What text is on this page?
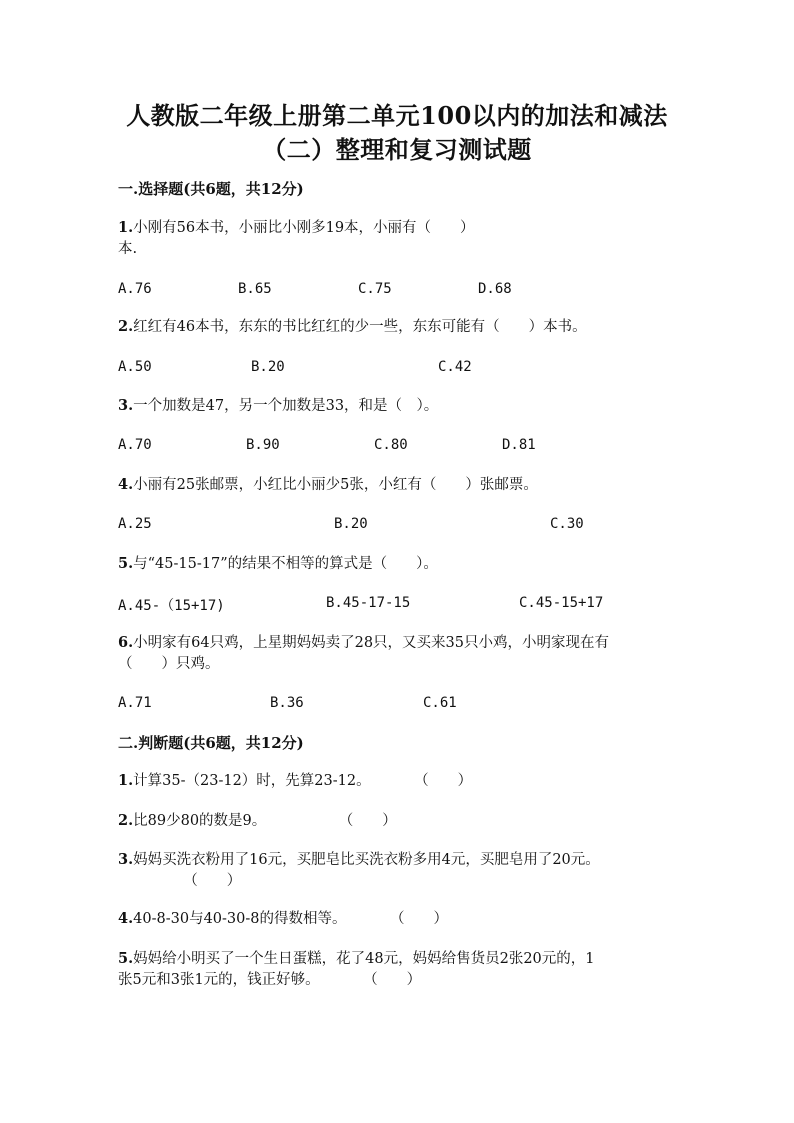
人教版二年级上册第二单元100以内的加法和减法
（二）整理和复习测试题
一.选择题(共6题，共12分)
1.小刚有56本书，小丽比小刚多19本，小丽有（　　）
本.
A.76	B.65	C.75	D.68
2.红红有46本书，东东的书比红红的少一些，东东可能有（　　）本书。
A.50	B.20	C.42
3.一个加数是47，另一个加数是33，和是（　）。
A.70	B.90	C.80	D.81
4.小丽有25张邮票，小红比小丽少5张，小红有（　　）张邮票。
A.25	B.20	C.30
5.与“45-15-17”的结果不相等的算式是（　　）。
A.45-（15+17)	B.45-17-15	C.45-15+17
6.小明家有64只鸡，上星期妈妈卖了28只，又买来35只小鸡，小明家现在有
（　　）只鸡。
A.71	B.36	C.61
二.判断题(共6题，共12分)
1.计算35-（23-12）时，先算23-12。　　　　（　　）
2.比89少80的数是9。　　　　　　（　　）
3.妈妈买洗衣粉用了16元，买肥皂比买洗衣粉多用4元，买肥皂用了20元。
　　　　　（　　）
4.40-8-30与40-30-8的得数相等。　　　　（　　）
5.妈妈给小明买了一个生日蛋糕，花了48元，妈妈给售货员2张20元的，1
张5元和3张1元的，钱正好够。　　　　（　　）
